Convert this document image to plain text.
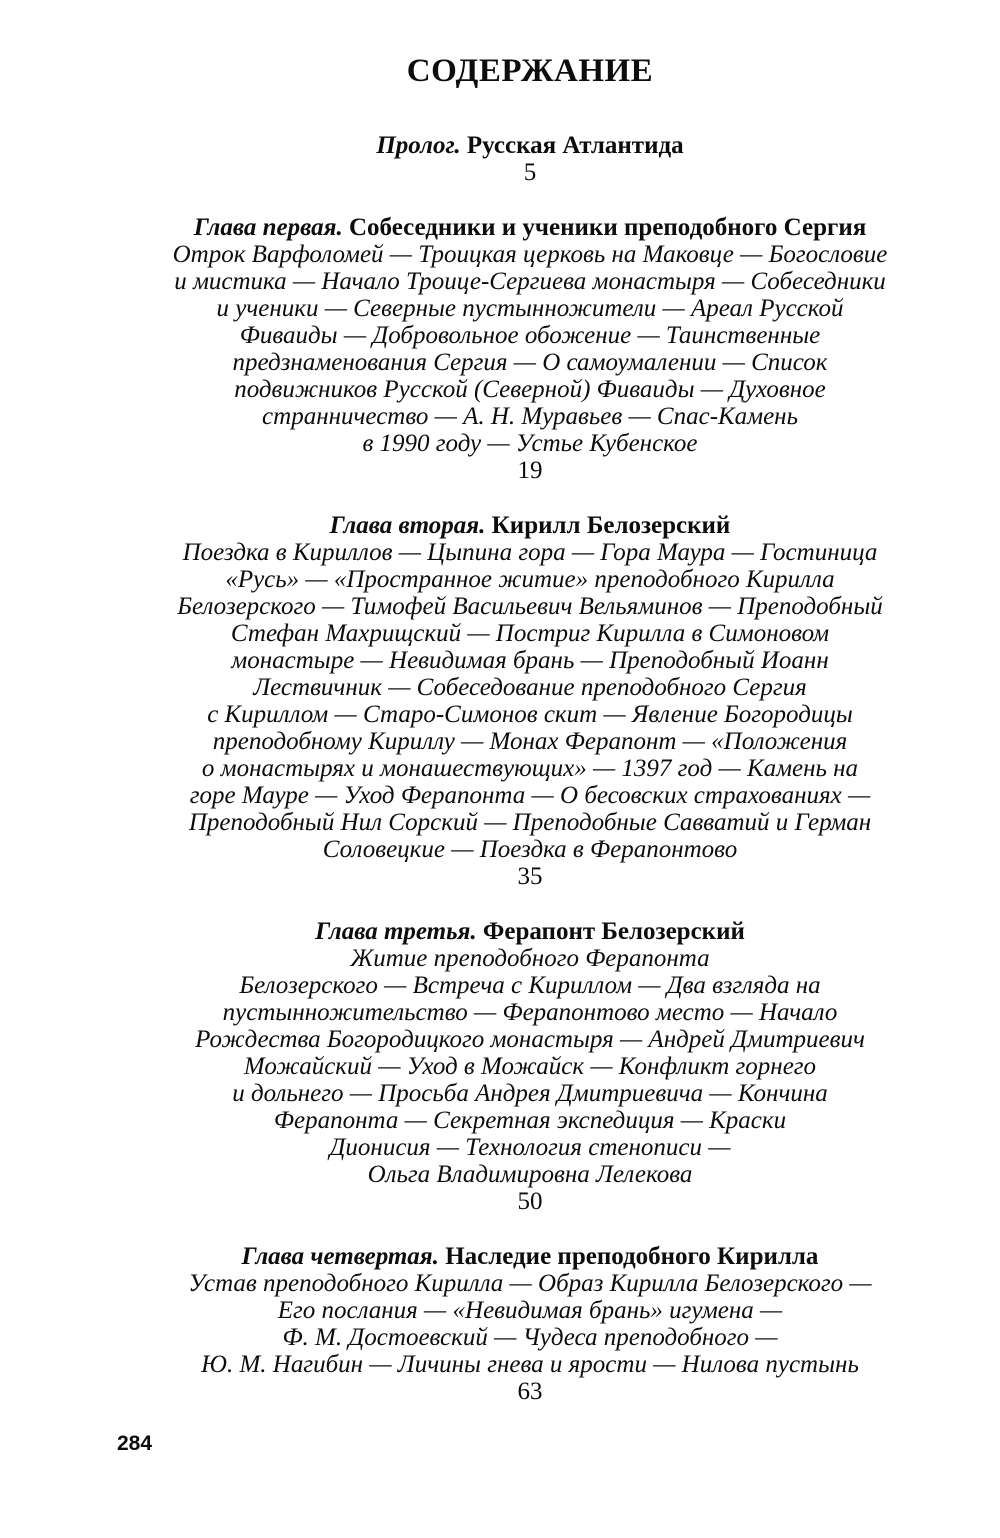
СОДЕРЖАНИЕ
Пролог. Русская Атлантида
5
Глава первая. Собеседники и ученики преподобного Сергия
Отрок Варфоломей — Троицкая церковь на Маковце — Богословие
и мистика — Начало Троице-Сергиева монастыря — Собеседники
и ученики — Северные пустынножители — Ареал Русской
Фиваиды — Добровольное обожение — Таинственные
предзнаменования Сергия — О самоумалении — Список
подвижников Русской (Северной) Фиваиды — Духовное
странничество — А. Н. Муравьев — Спас-Камень
в 1990 году — Устье Кубенское
19
Глава вторая. Кирилл Белозерский
Поездка в Кириллов — Цыпина гора — Гора Маура — Гостиница
«Русь» — «Пространное житие» преподобного Кирилла
Белозерского — Тимофей Васильевич Вельяминов — Преподобный
Стефан Махрищский — Постриг Кирилла в Симоновом
монастыре — Невидимая брань — Преподобный Иоанн
Лествичник — Собеседование преподобного Сергия
с Кириллом — Старо-Симонов скит — Явление Богородицы
преподобному Кириллу — Монах Ферапонт — «Положения
о монастырях и монашествующих» — 1397 год — Камень на
горе Мауре — Уход Ферапонта — О бесовских страхованиях —
Преподобный Нил Сорский — Преподобные Савватий и Герман
Соловецкие — Поездка в Ферапонтово
35
Глава третья. Ферапонт Белозерский
Житие преподобного Ферапонта
Белозерского — Встреча с Кириллом — Два взгляда на
пустынножительство — Ферапонтово место — Начало
Рождества Богородицкого монастыря — Андрей Дмитриевич
Можайский — Уход в Можайск — Конфликт горнего
и дольнего — Просьба Андрея Дмитриевича — Кончина
Ферапонта — Секретная экспедиция — Краски
Дионисия — Технология стенописи —
Ольга Владимировна Лелекова
50
Глава четвертая. Наследие преподобного Кирилла
Устав преподобного Кирилла — Образ Кирилла Белозерского —
Его послания — «Невидимая брань» игумена —
Ф. М. Достоевский — Чудеса преподобного —
Ю. М. Нагибин — Личины гнева и ярости — Нилова пустынь
63
284
